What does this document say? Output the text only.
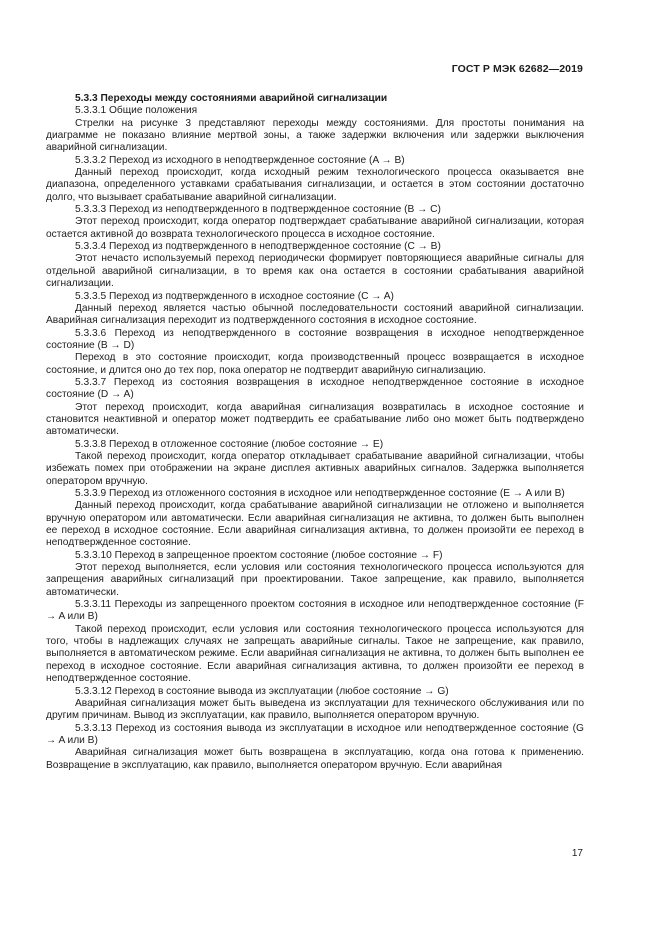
ГОСТ Р МЭК 62682—2019

5.3.3 Переходы между состояниями аварийной сигнализации

5.3.3.1 Общие положения

Стрелки на рисунке 3 представляют переходы между состояниями. Для простоты понимания на диаграмме не показано влияние мертвой зоны, а также задержки включения или задержки выключения аварийной сигнализации.

5.3.3.2 Переход из исходного в неподтвержденное состояние (A → B)

Данный переход происходит, когда исходный режим технологического процесса оказывается вне диапазона, определенного уставками срабатывания сигнализации, и остается в этом состоянии достаточно долго, что вызывает срабатывание аварийной сигнализации.

5.3.3.3 Переход из неподтвержденного в подтвержденное состояние (B → C)

Этот переход происходит, когда оператор подтверждает срабатывание аварийной сигнализации, которая остается активной до возврата технологического процесса в исходное состояние.

5.3.3.4 Переход из подтвержденного в неподтвержденное состояние (C → B)

Этот нечасто используемый переход периодически формирует повторяющиеся аварийные сигналы для отдельной аварийной сигнализации, в то время как она остается в состоянии срабатывания аварийной сигнализации.

5.3.3.5 Переход из подтвержденного в исходное состояние (C → A)

Данный переход является частью обычной последовательности состояний аварийной сигнализации. Аварийная сигнализация переходит из подтвержденного состояния в исходное состояние.

5.3.3.6 Переход из неподтвержденного в состояние возвращения в исходное неподтвержденное состояние (B → D)

Переход в это состояние происходит, когда производственный процесс возвращается в исходное состояние, и длится оно до тех пор, пока оператор не подтвердит аварийную сигнализацию.

5.3.3.7 Переход из состояния возвращения в исходное неподтвержденное состояние в исходное состояние (D → A)

Этот переход происходит, когда аварийная сигнализация возвратилась в исходное состояние и становится неактивной и оператор может подтвердить ее срабатывание либо оно может быть подтверждено автоматически.

5.3.3.8 Переход в отложенное состояние (любое состояние → E)

Такой переход происходит, когда оператор откладывает срабатывание аварийной сигнализации, чтобы избежать помех при отображении на экране дисплея активных аварийных сигналов. Задержка выполняется оператором вручную.

5.3.3.9 Переход из отложенного состояния в исходное или неподтвержденное состояние (E → A или B)

Данный переход происходит, когда срабатывание аварийной сигнализации не отложено и выполняется вручную оператором или автоматически. Если аварийная сигнализация не активна, то должен быть выполнен ее переход в исходное состояние. Если аварийная сигнализация активна, то должен произойти ее переход в неподтвержденное состояние.

5.3.3.10 Переход в запрещенное проектом состояние (любое состояние → F)

Этот переход выполняется, если условия или состояния технологического процесса используются для запрещения аварийных сигнализаций при проектировании. Такое запрещение, как правило, выполняется автоматически.

5.3.3.11 Переходы из запрещенного проектом состояния в исходное или неподтвержденное состояние (F → A или B)

Такой переход происходит, если условия или состояния технологического процесса используются для того, чтобы в надлежащих случаях не запрещать аварийные сигналы. Такое не запрещение, как правило, выполняется в автоматическом режиме. Если аварийная сигнализация не активна, то должен быть выполнен ее переход в исходное состояние. Если аварийная сигнализация активна, то должен произойти ее переход в неподтвержденное состояние.

5.3.3.12 Переход в состояние вывода из эксплуатации (любое состояние → G)

Аварийная сигнализация может быть выведена из эксплуатации для технического обслуживания или по другим причинам. Вывод из эксплуатации, как правило, выполняется оператором вручную.

5.3.3.13 Переход из состояния вывода из эксплуатации в исходное или неподтвержденное состояние (G → A или B)

Аварийная сигнализация может быть возвращена в эксплуатацию, когда она готова к применению. Возвращение в эксплуатацию, как правило, выполняется оператором вручную. Если аварийная

17
